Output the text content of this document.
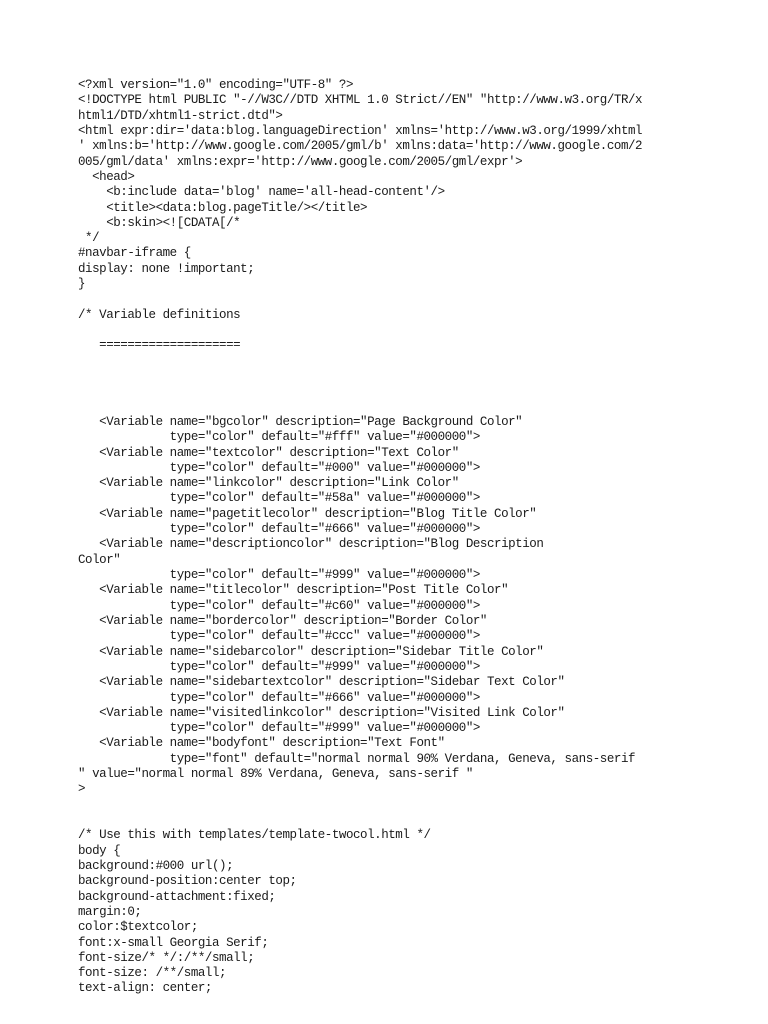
<?xml version="1.0" encoding="UTF-8" ?>
<!DOCTYPE html PUBLIC "-//W3C//DTD XHTML 1.0 Strict//EN" "http://www.w3.org/TR/x
html1/DTD/xhtml1-strict.dtd">
<html expr:dir='data:blog.languageDirection' xmlns='http://www.w3.org/1999/xhtml
' xmlns:b='http://www.google.com/2005/gml/b' xmlns:data='http://www.google.com/2
005/gml/data' xmlns:expr='http://www.google.com/2005/gml/expr'>
<head>
<b:include data='blog' name='all-head-content'/>
<title><data:blog.pageTitle/></title>
<b:skin><![CDATA[/*
*/
#navbar-iframe {
display: none !important;
}
/* Variable definitions
====================
<Variable name="bgcolor" description="Page Background Color"
type="color" default="#fff" value="#000000">
<Variable name="textcolor" description="Text Color"
type="color" default="#000" value="#000000">
<Variable name="linkcolor" description="Link Color"
type="color" default="#58a" value="#000000">
<Variable name="pagetitlecolor" description="Blog Title Color"
type="color" default="#666" value="#000000">
<Variable name="descriptioncolor" description="Blog Description
Color"
type="color" default="#999" value="#000000">
<Variable name="titlecolor" description="Post Title Color"
type="color" default="#c60" value="#000000">
<Variable name="bordercolor" description="Border Color"
type="color" default="#ccc" value="#000000">
<Variable name="sidebarcolor" description="Sidebar Title Color"
type="color" default="#999" value="#000000">
<Variable name="sidebartextcolor" description="Sidebar Text Color"
type="color" default="#666" value="#000000">
<Variable name="visitedlinkcolor" description="Visited Link Color"
type="color" default="#999" value="#000000">
<Variable name="bodyfont" description="Text Font"
type="font" default="normal normal 90% Verdana, Geneva, sans-serif
" value="normal normal 89% Verdana, Geneva, sans-serif "
>
/* Use this with templates/template-twocol.html */
body {
background:#000 url();
background-position:center top;
background-attachment:fixed;
margin:0;
color:$textcolor;
font:x-small Georgia Serif;
font-size/* */:/**/small;
font-size: /**/small;
text-align: center;
